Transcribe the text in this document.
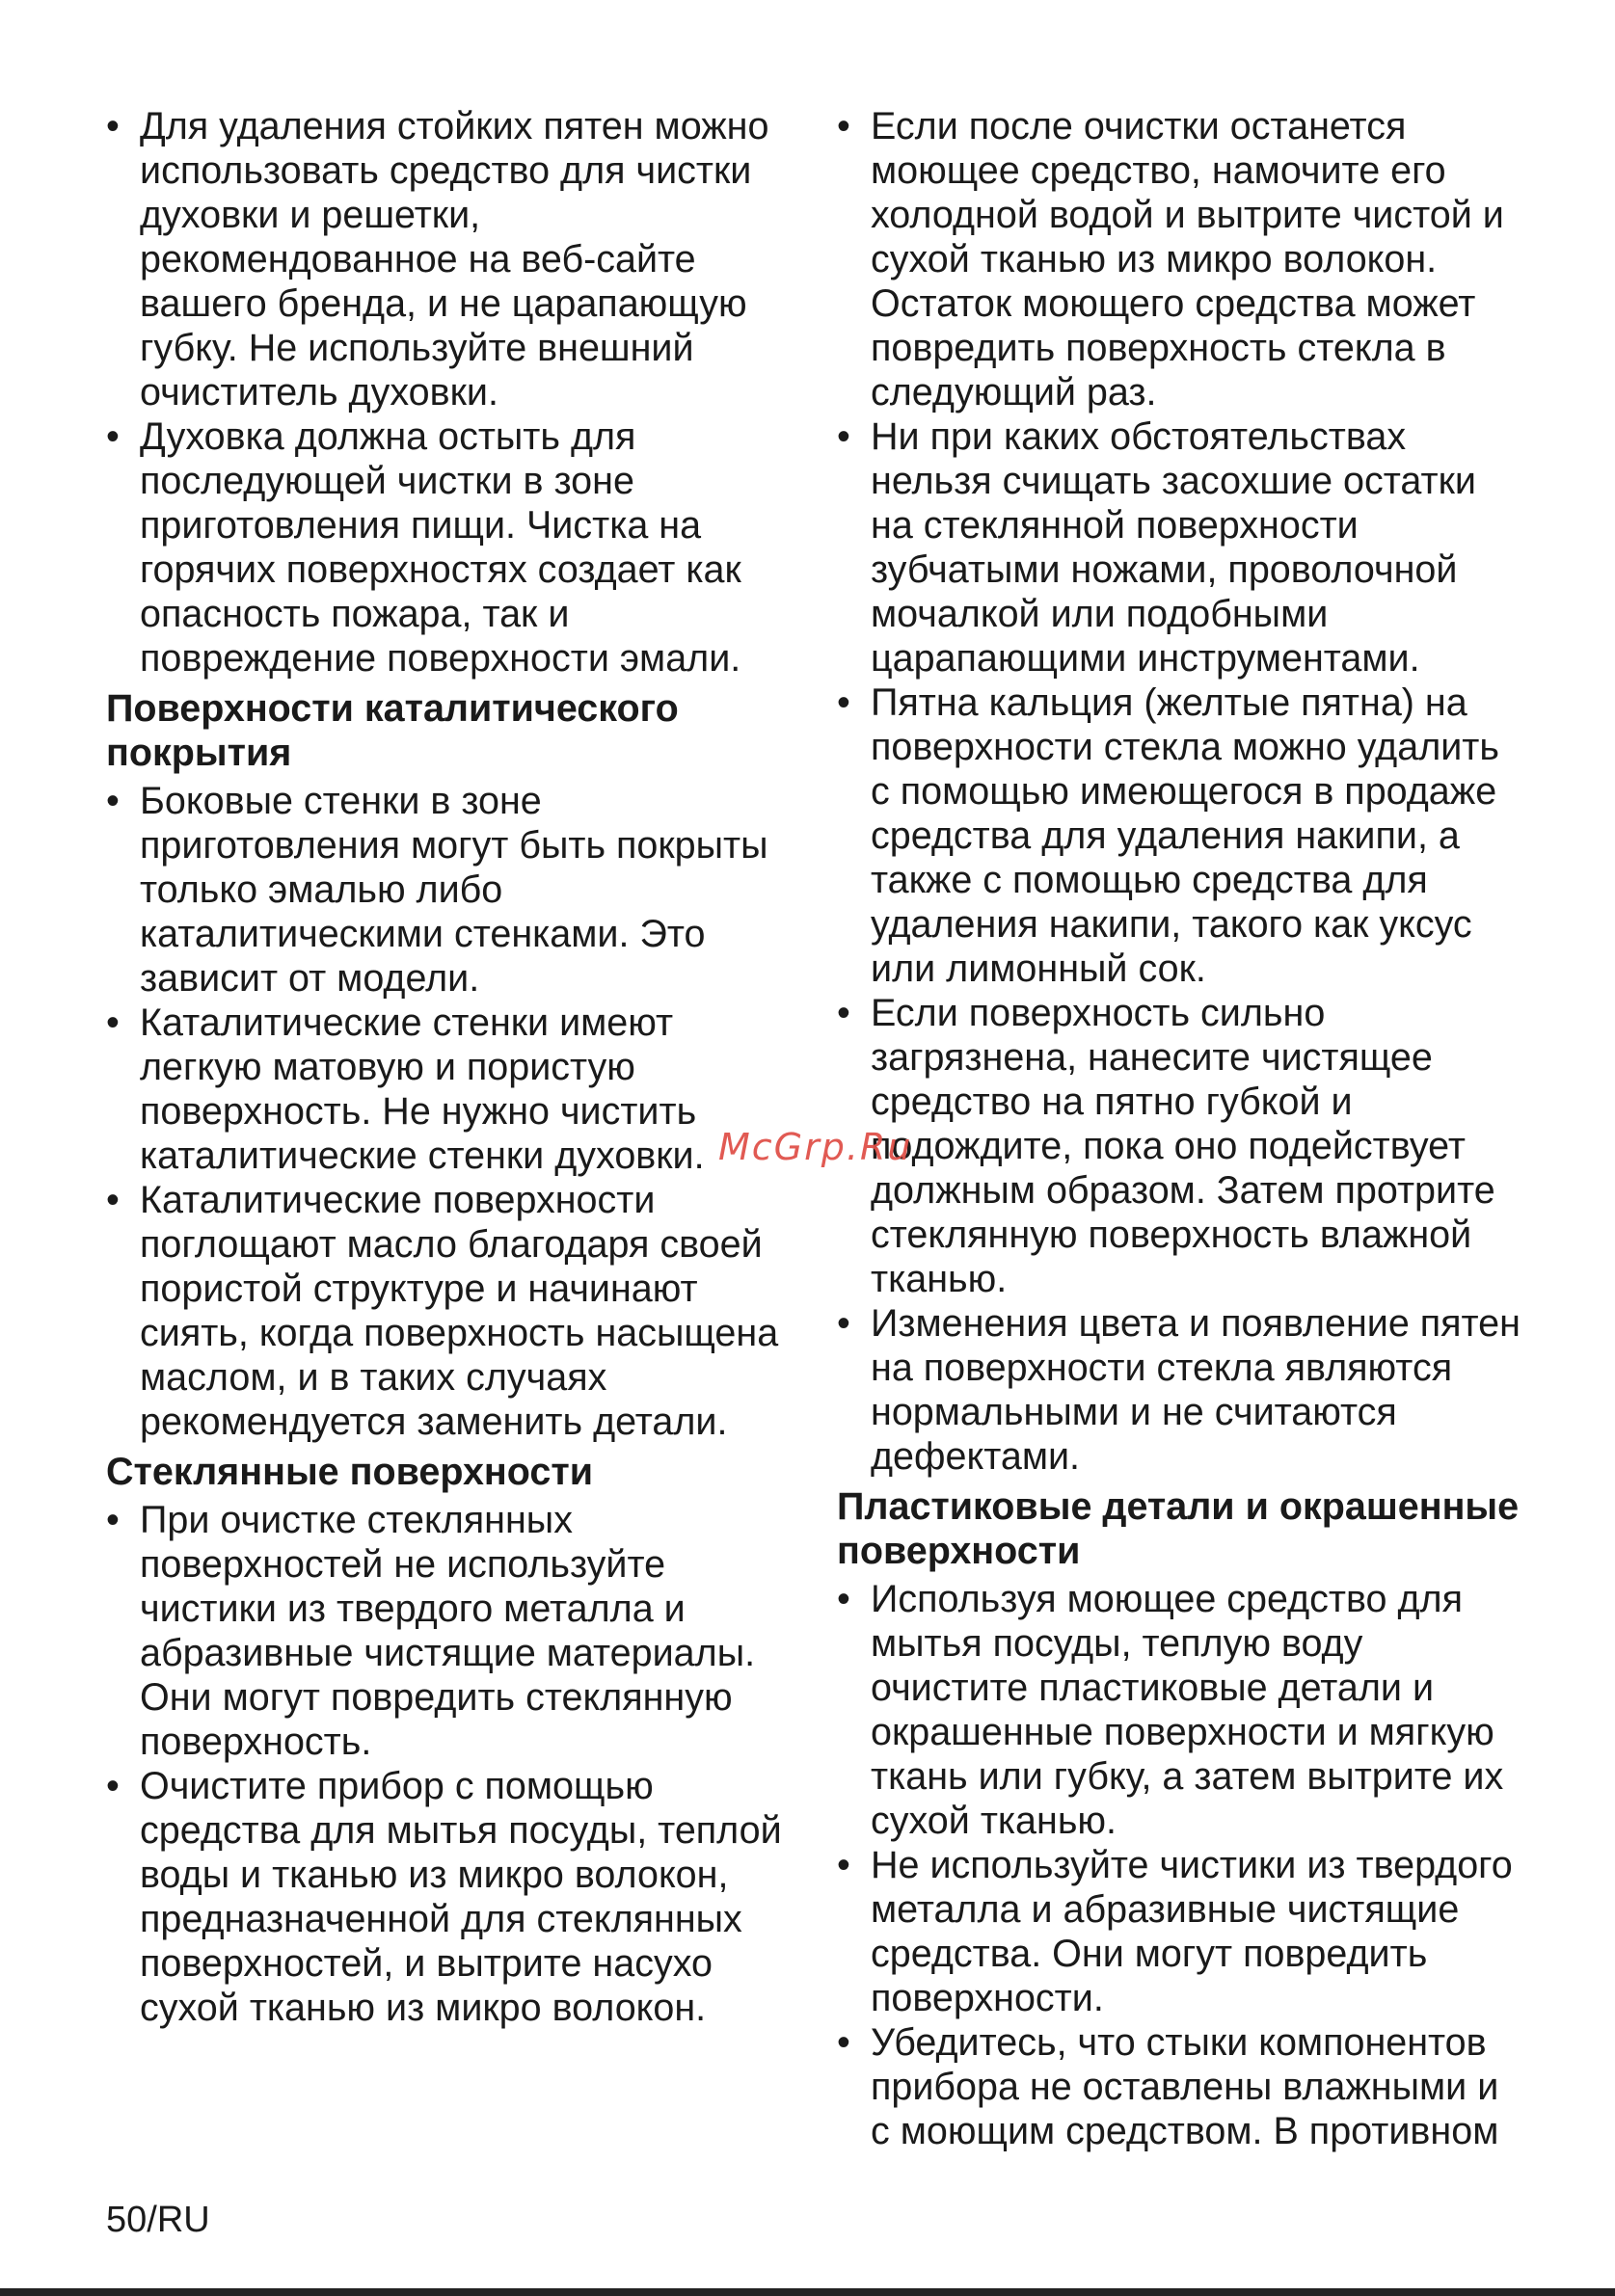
• Для удаления стойких пятен можно использовать средство для чистки духовки и решетки, рекомендованное на веб-сайте вашего бренда, и не царапающую губку. Не используйте внешний очиститель духовки.

• Духовка должна остыть для последующей чистки в зоне приготовления пищи. Чистка на горячих поверхностях создает как опасность пожара, так и повреждение поверхности эмали.

Поверхности каталитического покрытия

• Боковые стенки в зоне приготовления могут быть покрыты только эмалью либо каталитическими стенками. Это зависит от модели.

• Каталитические стенки имеют легкую матовую и пористую поверхность. Не нужно чистить каталитические стенки духовки.

• Каталитические поверхности поглощают масло благодаря своей пористой структуре и начинают сиять, когда поверхность насыщена маслом, и в таких случаях рекомендуется заменить детали.

Стеклянные поверхности

• При очистке стеклянных поверхностей не используйте чистики из твердого металла и абразивные чистящие материалы. Они могут повредить стеклянную поверхность.

• Очистите прибор с помощью средства для мытья посуды, теплой воды и тканью из микро волокон, предназначенной для стеклянных поверхностей, и вытрите насухо сухой тканью из микро волокон.

• Если после очистки останется моющее средство, намочите его холодной водой и вытрите чистой и сухой тканью из микро волокон. Остаток моющего средства может повредить поверхность стекла в следующий раз.

• Ни при каких обстоятельствах нельзя счищать засохшие остатки на стеклянной поверхности зубчатыми ножами, проволочной мочалкой или подобными царапающими инструментами.

• Пятна кальция (желтые пятна) на поверхности стекла можно удалить с помощью имеющегося в продаже средства для удаления накипи, а также с помощью средства для удаления накипи, такого как уксус или лимонный сок.

• Если поверхность сильно загрязнена, нанесите чистящее средство на пятно губкой и подождите, пока оно подействует должным образом. Затем протрите стеклянную поверхность влажной тканью.

• Изменения цвета и появление пятен на поверхности стекла являются нормальными и не считаются дефектами.

Пластиковые детали и окрашенные поверхности

• Используя моющее средство для мытья посуды, теплую воду очистите пластиковые детали и окрашенные поверхности и мягкую ткань или губку, а затем вытрите их сухой тканью.

• Не используйте чистики из твердого металла и абразивные чистящие средства. Они могут повредить поверхности.

• Убедитесь, что стыки компонентов прибора не оставлены влажными и с моющим средством. В противном

McGrp.Ru
50/RU
